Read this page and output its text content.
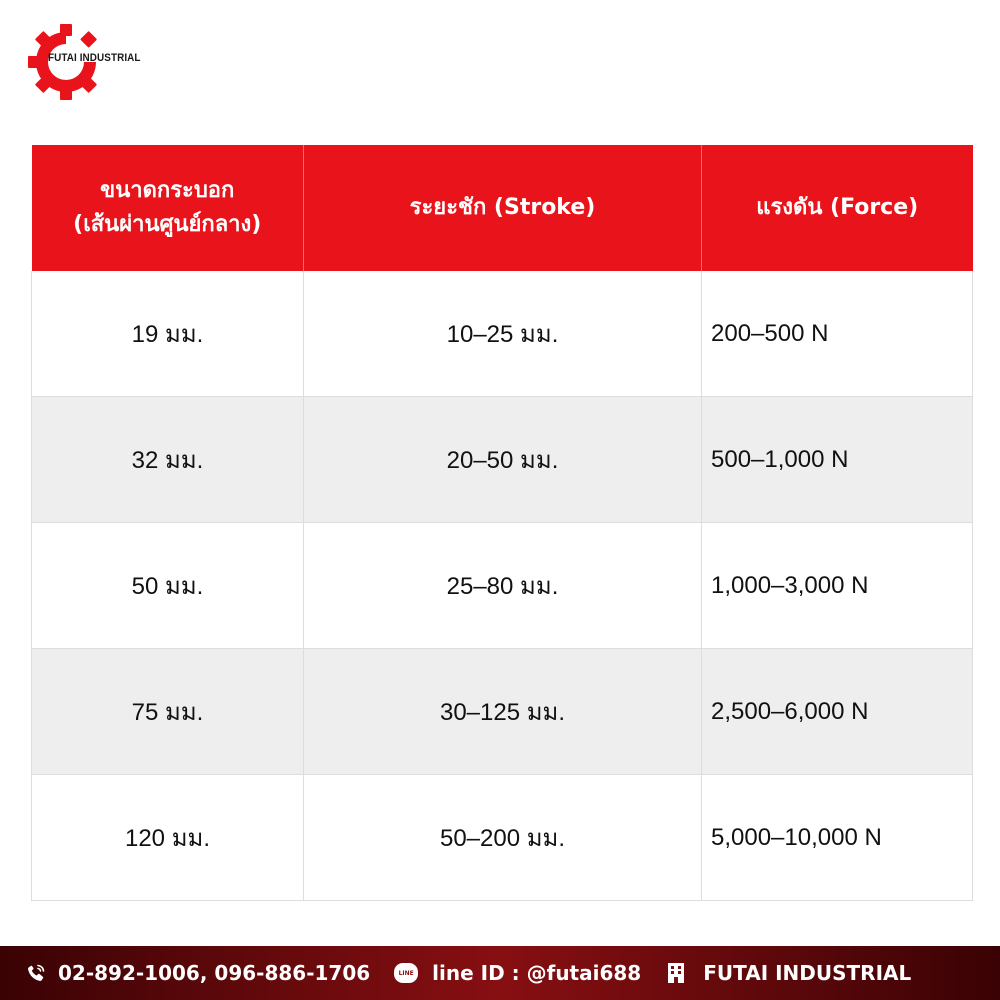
FUTAI INDUSTRIAL
ขนาดกระบอก
(เส้นผ่านศูนย์กลาง)	ระยะชัก (Stroke)	แรงดัน (Force)
19 มม.	10–25 มม.	200–500 N
32 มม.	20–50 มม.	500–1,000 N
50 มม.	25–80 มม.	1,000–3,000 N
75 มม.	30–125 มม.	2,500–6,000 N
120 มม.	50–200 มม.	5,000–10,000 N
02-892-1006, 096-886-1706	LINE line ID : @futai688	FUTAI INDUSTRIAL
